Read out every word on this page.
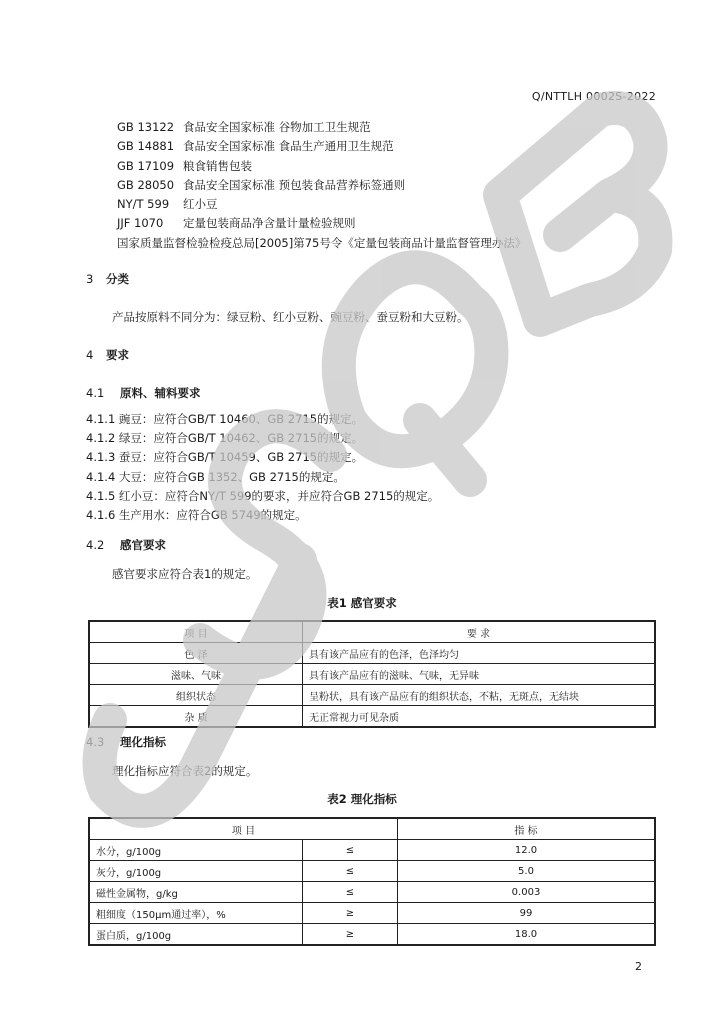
Q/NTTLH 0002S-2022
GB 13122 食品安全国家标准 谷物加工卫生规范
GB 14881 食品安全国家标准 食品生产通用卫生规范
GB 17109 粮食销售包装
GB 28050 食品安全国家标准 预包装食品营养标签通则
NY/T 599 红小豆
JJF 1070 定量包装商品净含量计量检验规则
国家质量监督检验检疫总局[2005]第75号令《定量包装商品计量监督管理办法》
3 分类
产品按原料不同分为：绿豆粉、红小豆粉、豌豆粉、蚕豆粉和大豆粉。
4 要求
4.1 原料、辅料要求
4.1.1 豌豆：应符合GB/T 10460、GB 2715的规定。
4.1.2 绿豆：应符合GB/T 10462、GB 2715的规定。
4.1.3 蚕豆：应符合GB/T 10459、GB 2715的规定。
4.1.4 大豆：应符合GB 1352、GB 2715的规定。
4.1.5 红小豆：应符合NY/T 599的要求，并应符合GB 2715的规定。
4.1.6 生产用水：应符合GB 5749的规定。
4.2 感官要求
感官要求应符合表1的规定。
表1 感官要求
项 目	要 求
色 泽	具有该产品应有的色泽，色泽均匀
滋味、气味	具有该产品应有的滋味、气味，无异味
组织状态	呈粉状，具有该产品应有的组织状态，不粘，无斑点，无结块
杂 质	无正常视力可见杂质
4.3 理化指标
理化指标应符合表2的规定。
表2 理化指标
项 目		指 标
水分，g/100g	≤	12.0
灰分，g/100g	≤	5.0
磁性金属物，g/kg	≤	0.003
粗细度（150μm通过率），%	≥	99
蛋白质，g/100g	≥	18.0
2
